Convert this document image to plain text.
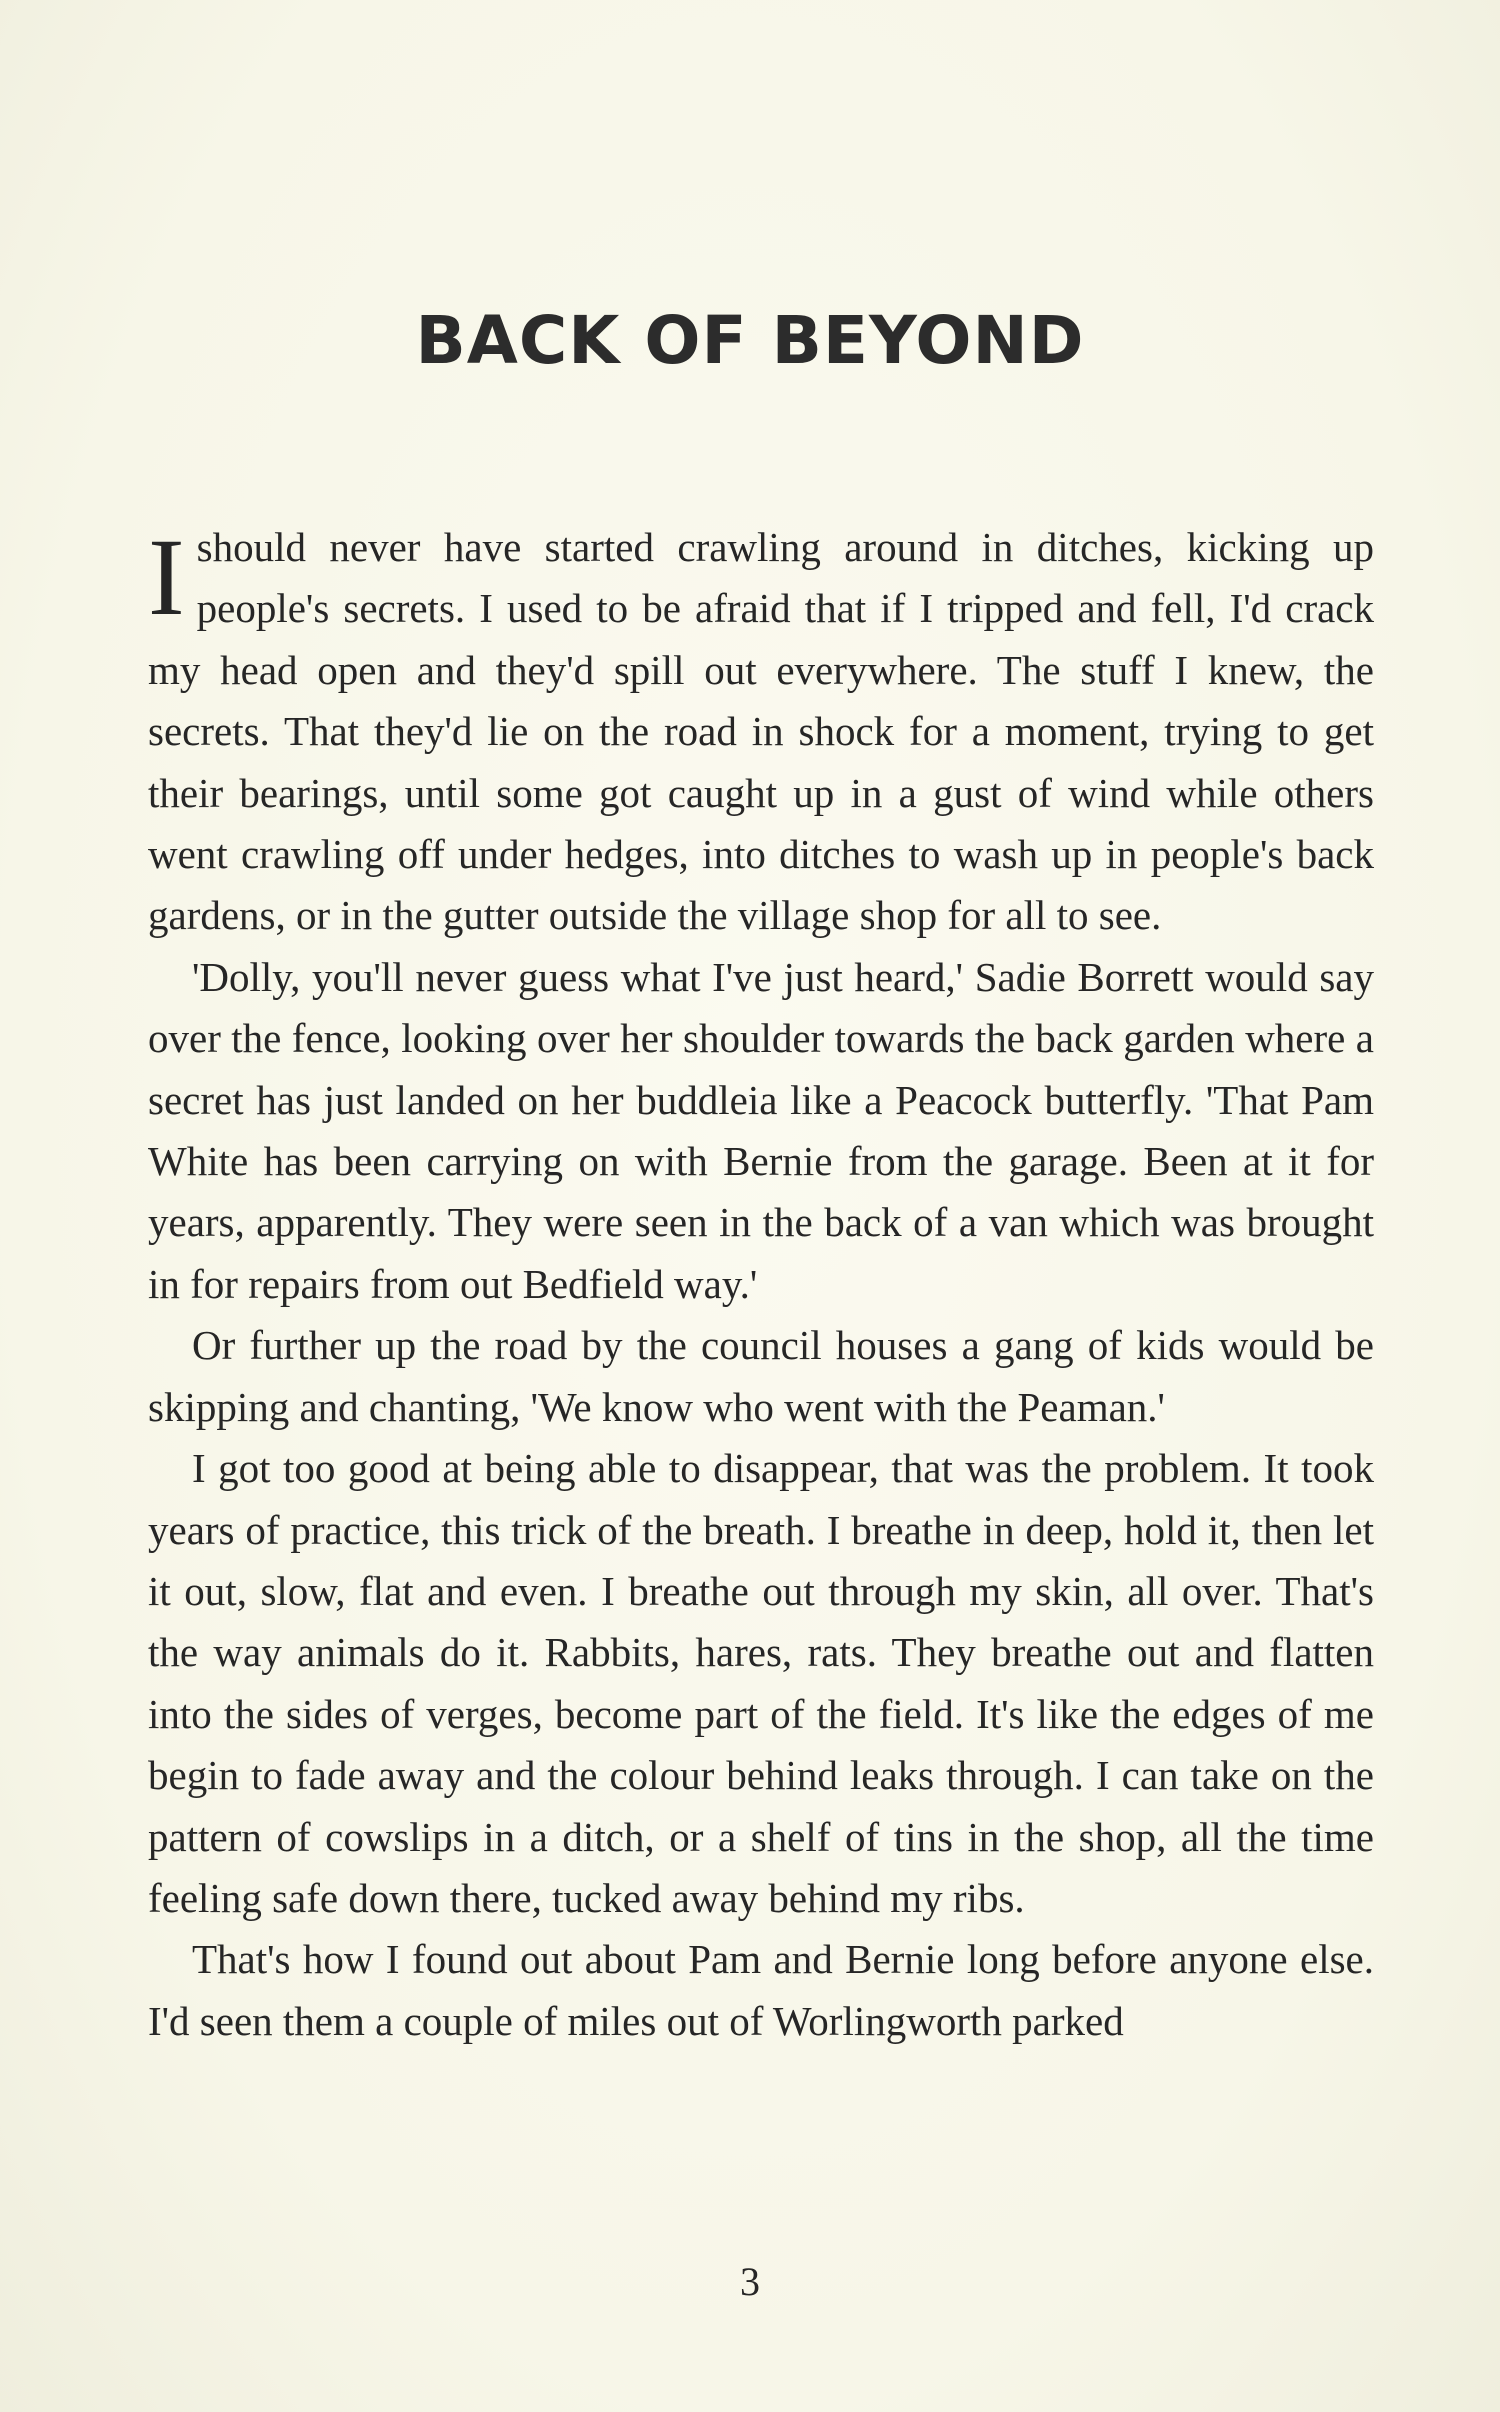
BACK OF BEYOND

I should never have started crawling around in ditches, kicking up people's secrets. I used to be afraid that if I tripped and fell, I'd crack my head open and they'd spill out everywhere. The stuff I knew, the secrets. That they'd lie on the road in shock for a moment, trying to get their bearings, until some got caught up in a gust of wind while others went crawling off under hedges, into ditches to wash up in people's back gardens, or in the gutter outside the village shop for all to see.

'Dolly, you'll never guess what I've just heard,' Sadie Borrett would say over the fence, looking over her shoulder towards the back garden where a secret has just landed on her buddleia like a Peacock butterfly. 'That Pam White has been carrying on with Bernie from the garage. Been at it for years, apparently. They were seen in the back of a van which was brought in for repairs from out Bedfield way.'

Or further up the road by the council houses a gang of kids would be skipping and chanting, 'We know who went with the Peaman.'

I got too good at being able to disappear, that was the problem. It took years of practice, this trick of the breath. I breathe in deep, hold it, then let it out, slow, flat and even. I breathe out through my skin, all over. That's the way animals do it. Rabbits, hares, rats. They breathe out and flatten into the sides of verges, become part of the field. It's like the edges of me begin to fade away and the colour behind leaks through. I can take on the pattern of cowslips in a ditch, or a shelf of tins in the shop, all the time feeling safe down there, tucked away behind my ribs.

That's how I found out about Pam and Bernie long before anyone else. I'd seen them a couple of miles out of Worlingworth parked

3
